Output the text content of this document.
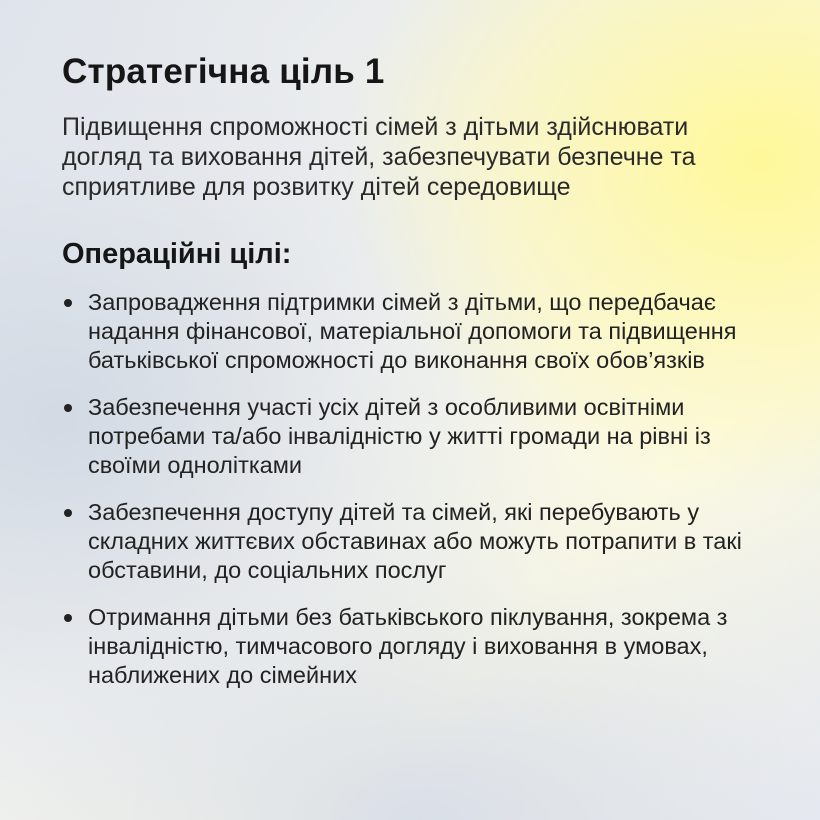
Стратегічна ціль 1

Підвищення спроможності сімей з дітьми здійснювати догляд та виховання дітей, забезпечувати безпечне та сприятливе для розвитку дітей середовище

Операційні цілі:
Запровадження підтримки сімей з дітьми, що передбачає надання фінансової, матеріальної допомоги та підвищення батьківської спроможності до виконання своїх обов’язків
Забезпечення участі усіх дітей з особливими освітніми потребами та/або інвалідністю у житті громади на рівні із своїми однолітками
Забезпечення доступу дітей та сімей, які перебувають у складних життєвих обставинах або можуть потрапити в такі обставини, до соціальних послуг
Отримання дітьми без батьківського піклування, зокрема з інвалідністю, тимчасового догляду і виховання в умовах, наближених до сімейних
